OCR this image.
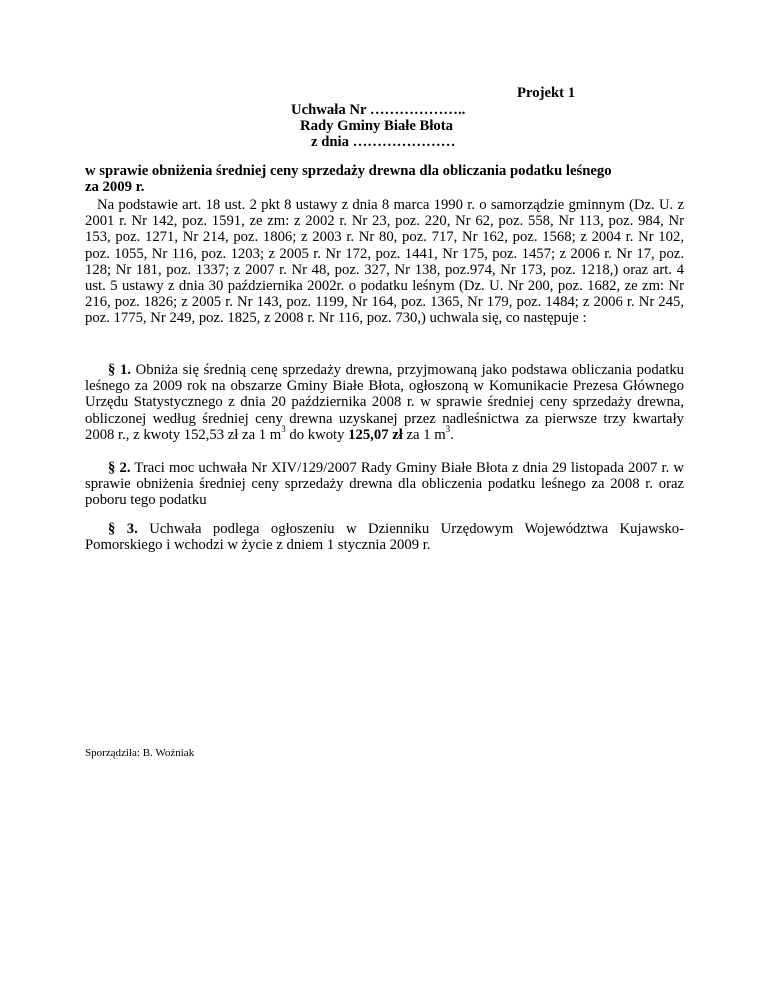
Projekt 1
Uchwała Nr ………………..
Rady Gminy Białe Błota
z dnia …………………
w sprawie obniżenia średniej ceny sprzedaży drewna dla obliczania podatku leśnego
za 2009 r.
Na podstawie art. 18 ust. 2 pkt 8 ustawy z dnia 8 marca 1990 r. o samorządzie gminnym (Dz. U. z 2001 r. Nr 142, poz. 1591, ze zm: z 2002 r. Nr 23, poz. 220, Nr 62, poz. 558, Nr 113, poz. 984, Nr 153, poz. 1271, Nr 214, poz. 1806; z 2003 r. Nr 80, poz. 717, Nr 162, poz. 1568; z 2004 r. Nr 102, poz. 1055, Nr 116, poz. 1203; z 2005 r. Nr 172, poz. 1441, Nr 175, poz. 1457; z 2006 r. Nr 17, poz. 128; Nr 181, poz. 1337; z 2007 r. Nr 48, poz. 327, Nr 138, poz.974, Nr 173, poz. 1218,) oraz art. 4 ust. 5 ustawy z dnia 30 października 2002r. o podatku leśnym (Dz. U. Nr 200, poz. 1682, ze zm: Nr 216, poz. 1826; z 2005 r. Nr 143, poz. 1199, Nr 164, poz. 1365, Nr 179, poz. 1484; z 2006 r. Nr 245, poz. 1775, Nr 249, poz. 1825, z 2008 r. Nr 116, poz. 730,) uchwala się, co następuje :
§ 1. Obniża się średnią cenę sprzedaży drewna, przyjmowaną jako podstawa obliczania podatku leśnego za 2009 rok na obszarze Gminy Białe Błota, ogłoszoną w Komunikacie Prezesa Głównego Urzędu Statystycznego z dnia 20 października 2008 r. w sprawie średniej ceny sprzedaży drewna, obliczonej według średniej ceny drewna uzyskanej przez nadleśnictwa za pierwsze trzy kwartały 2008 r., z kwoty 152,53 zł za 1 $m^3$ do kwoty 125,07 zł za 1 $m^3$.
§ 2. Traci moc uchwała Nr XIV/129/2007 Rady Gminy Białe Błota z dnia 29 listopada 2007 r. w sprawie obniżenia średniej ceny sprzedaży drewna dla obliczenia podatku leśnego za 2008 r. oraz poboru tego podatku
§ 3. Uchwała podlega ogłoszeniu w Dzienniku Urzędowym Województwa Kujawsko-Pomorskiego i wchodzi w życie z dniem 1 stycznia 2009 r.
Sporządziła: B. Woźniak
